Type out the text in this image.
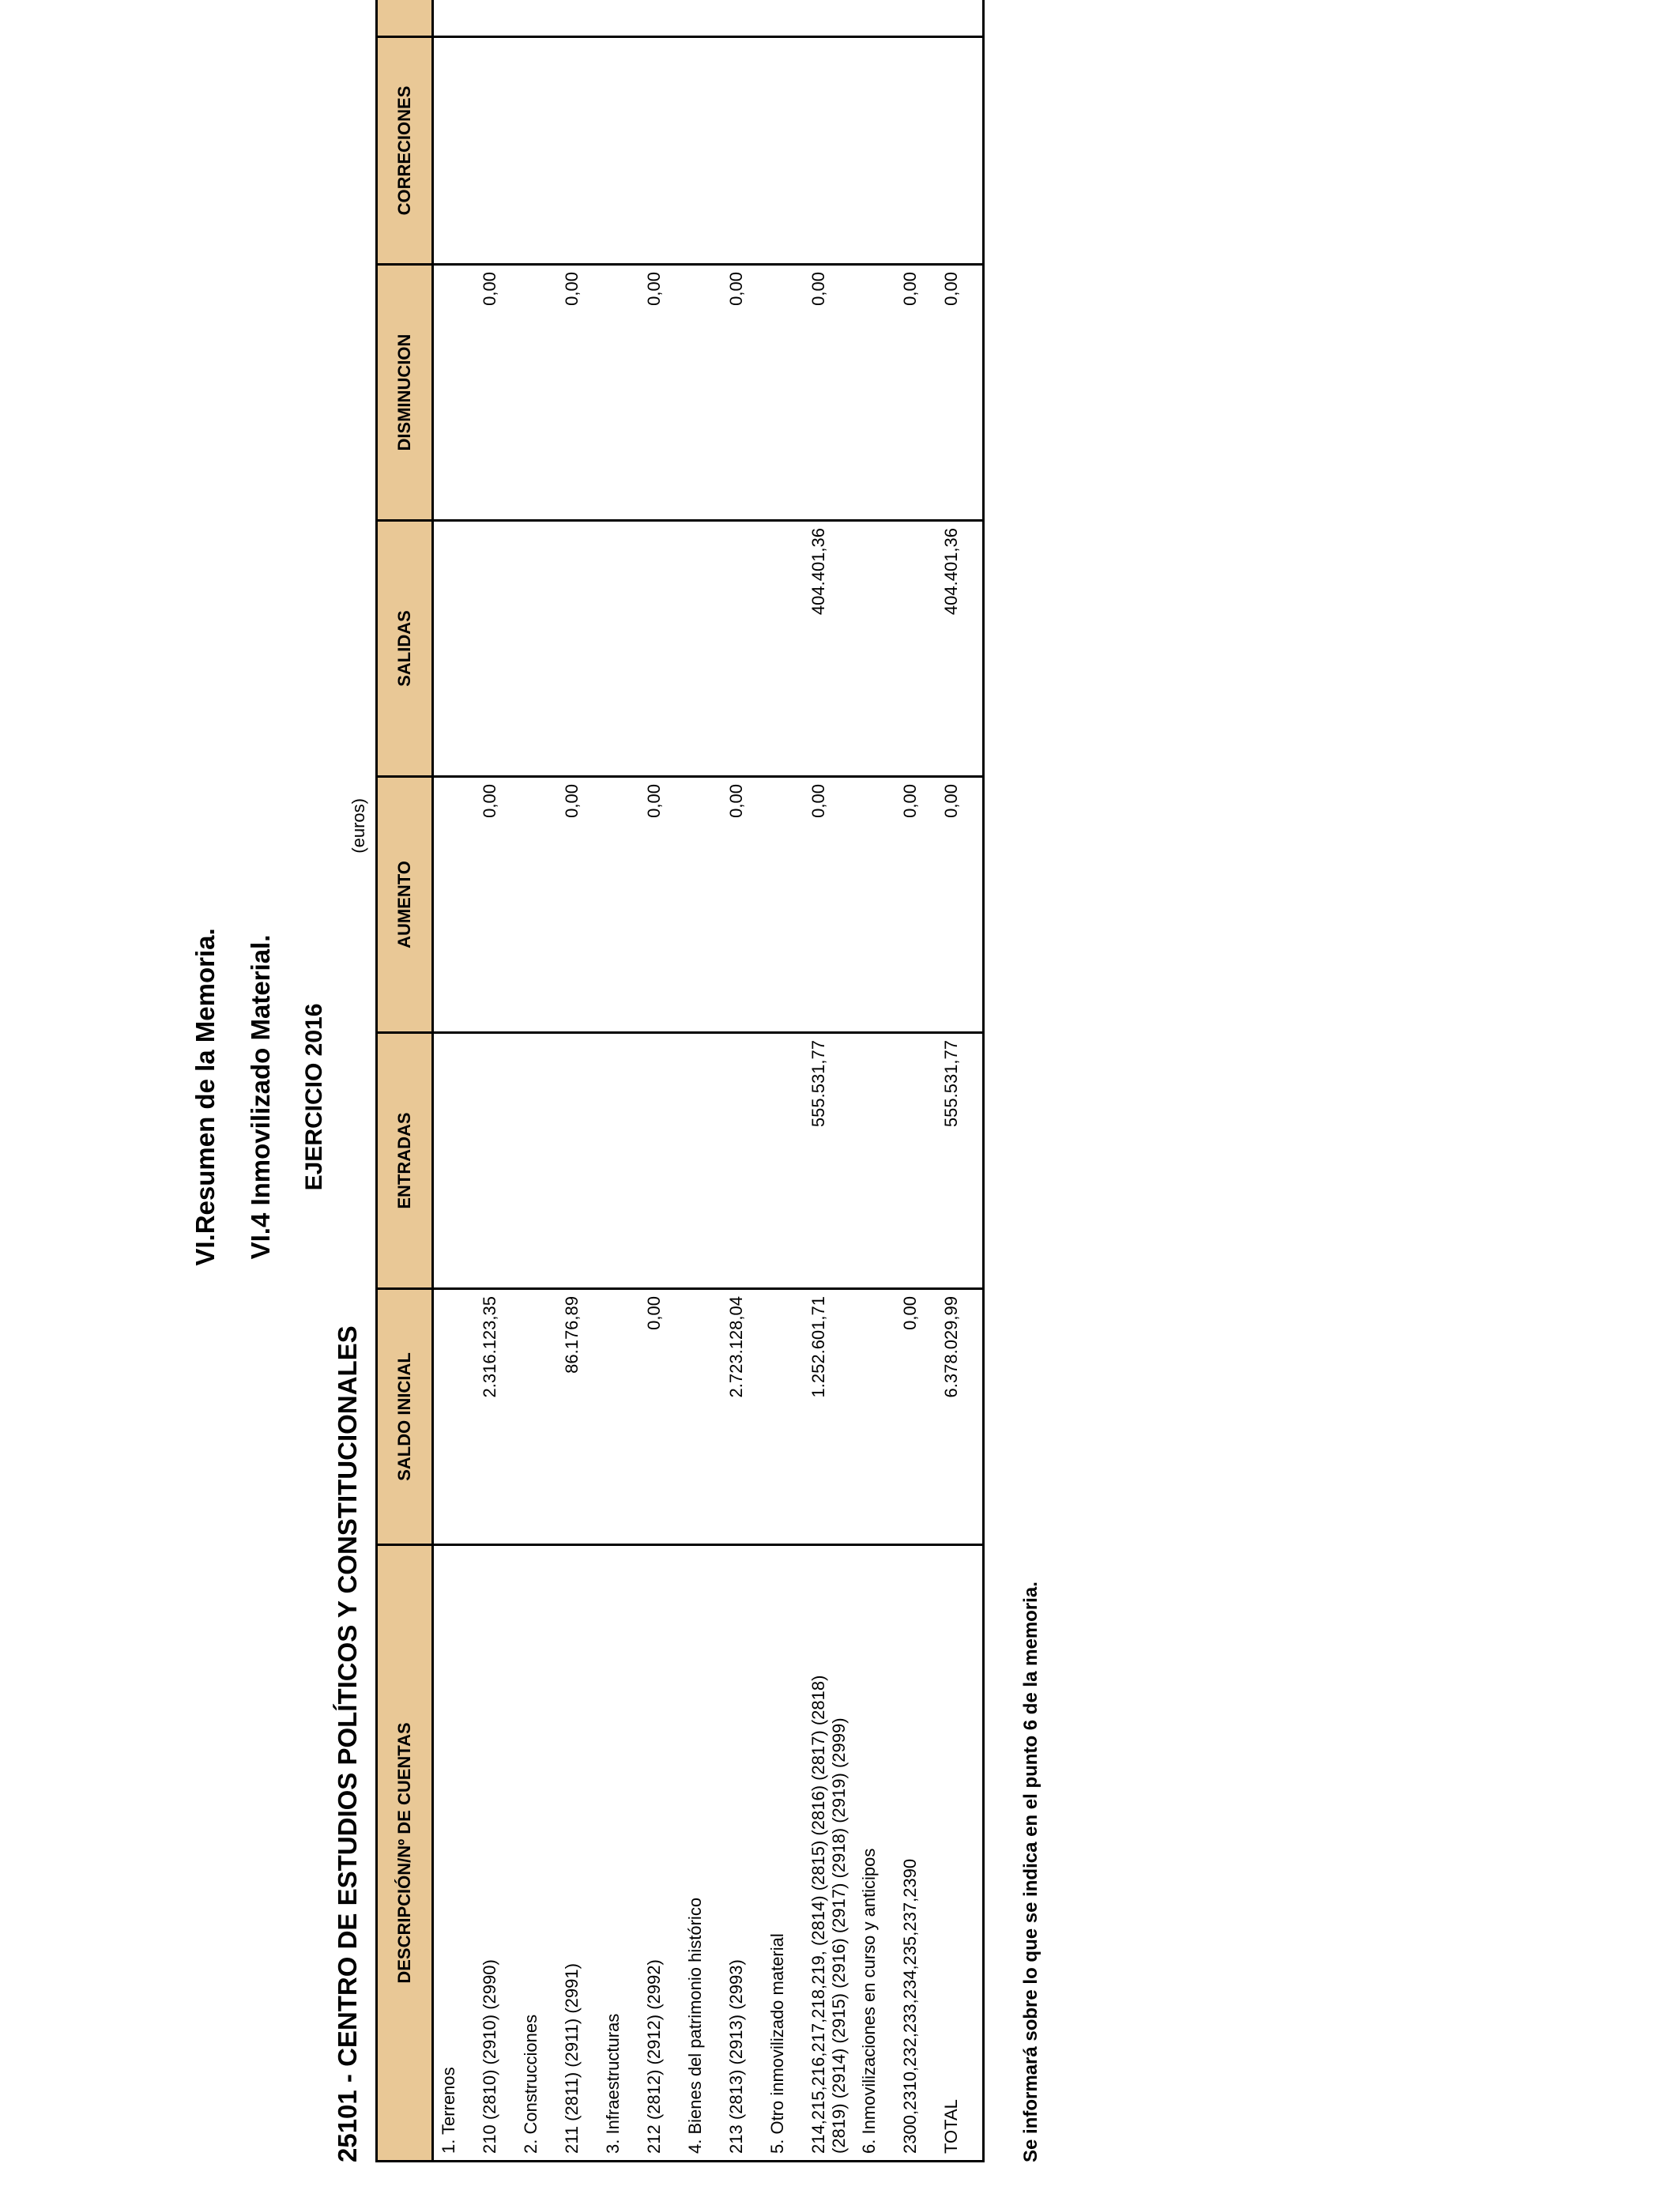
VI.Resumen de la Memoria. VI.4 Inmovilizado Material. EJERCICIO 2016
25101 - CENTRO DE ESTUDIOS POLÍTICOS Y CONSTITUCIONALES
(euros)
DESCRIPCIÓN/Nº DE CUENTAS	SALDO INICIAL	ENTRADAS	AUMENTO	SALIDAS	DISMINUCION	CORRECIONES		

1. Terrenos								

210 (2810) (2910) (2990)	2.316.123,35		0,00		0,00			

2. Construcciones								

211 (2811) (2911) (2991)	86.176,89		0,00		0,00			

3. Infraestructuras								

212 (2812) (2912) (2992)	0,00		0,00		0,00			

4. Bienes del patrimonio histórico								

213 (2813) (2913) (2993)	2.723.128,04		0,00		0,00			

5. Otro inmovilizado material								

214,215,216,217,218,219, (2814) (2815) (2816) (2817) (2818) (2819) (2914) (2915) (2916) (2917) (2918) (2919) (2999)	1.252.601,71	555.531,77	0,00	404.401,36	0,00			

6. Inmovilizaciones en curso y anticipos								

2300,2310,232,233,234,235,237,2390	0,00		0,00		0,00			

TOTAL	6.378.029,99	555.531,77	0,00	404.401,36	0,00			
Se informará sobre lo que se indica en el punto 6 de la memoria.
